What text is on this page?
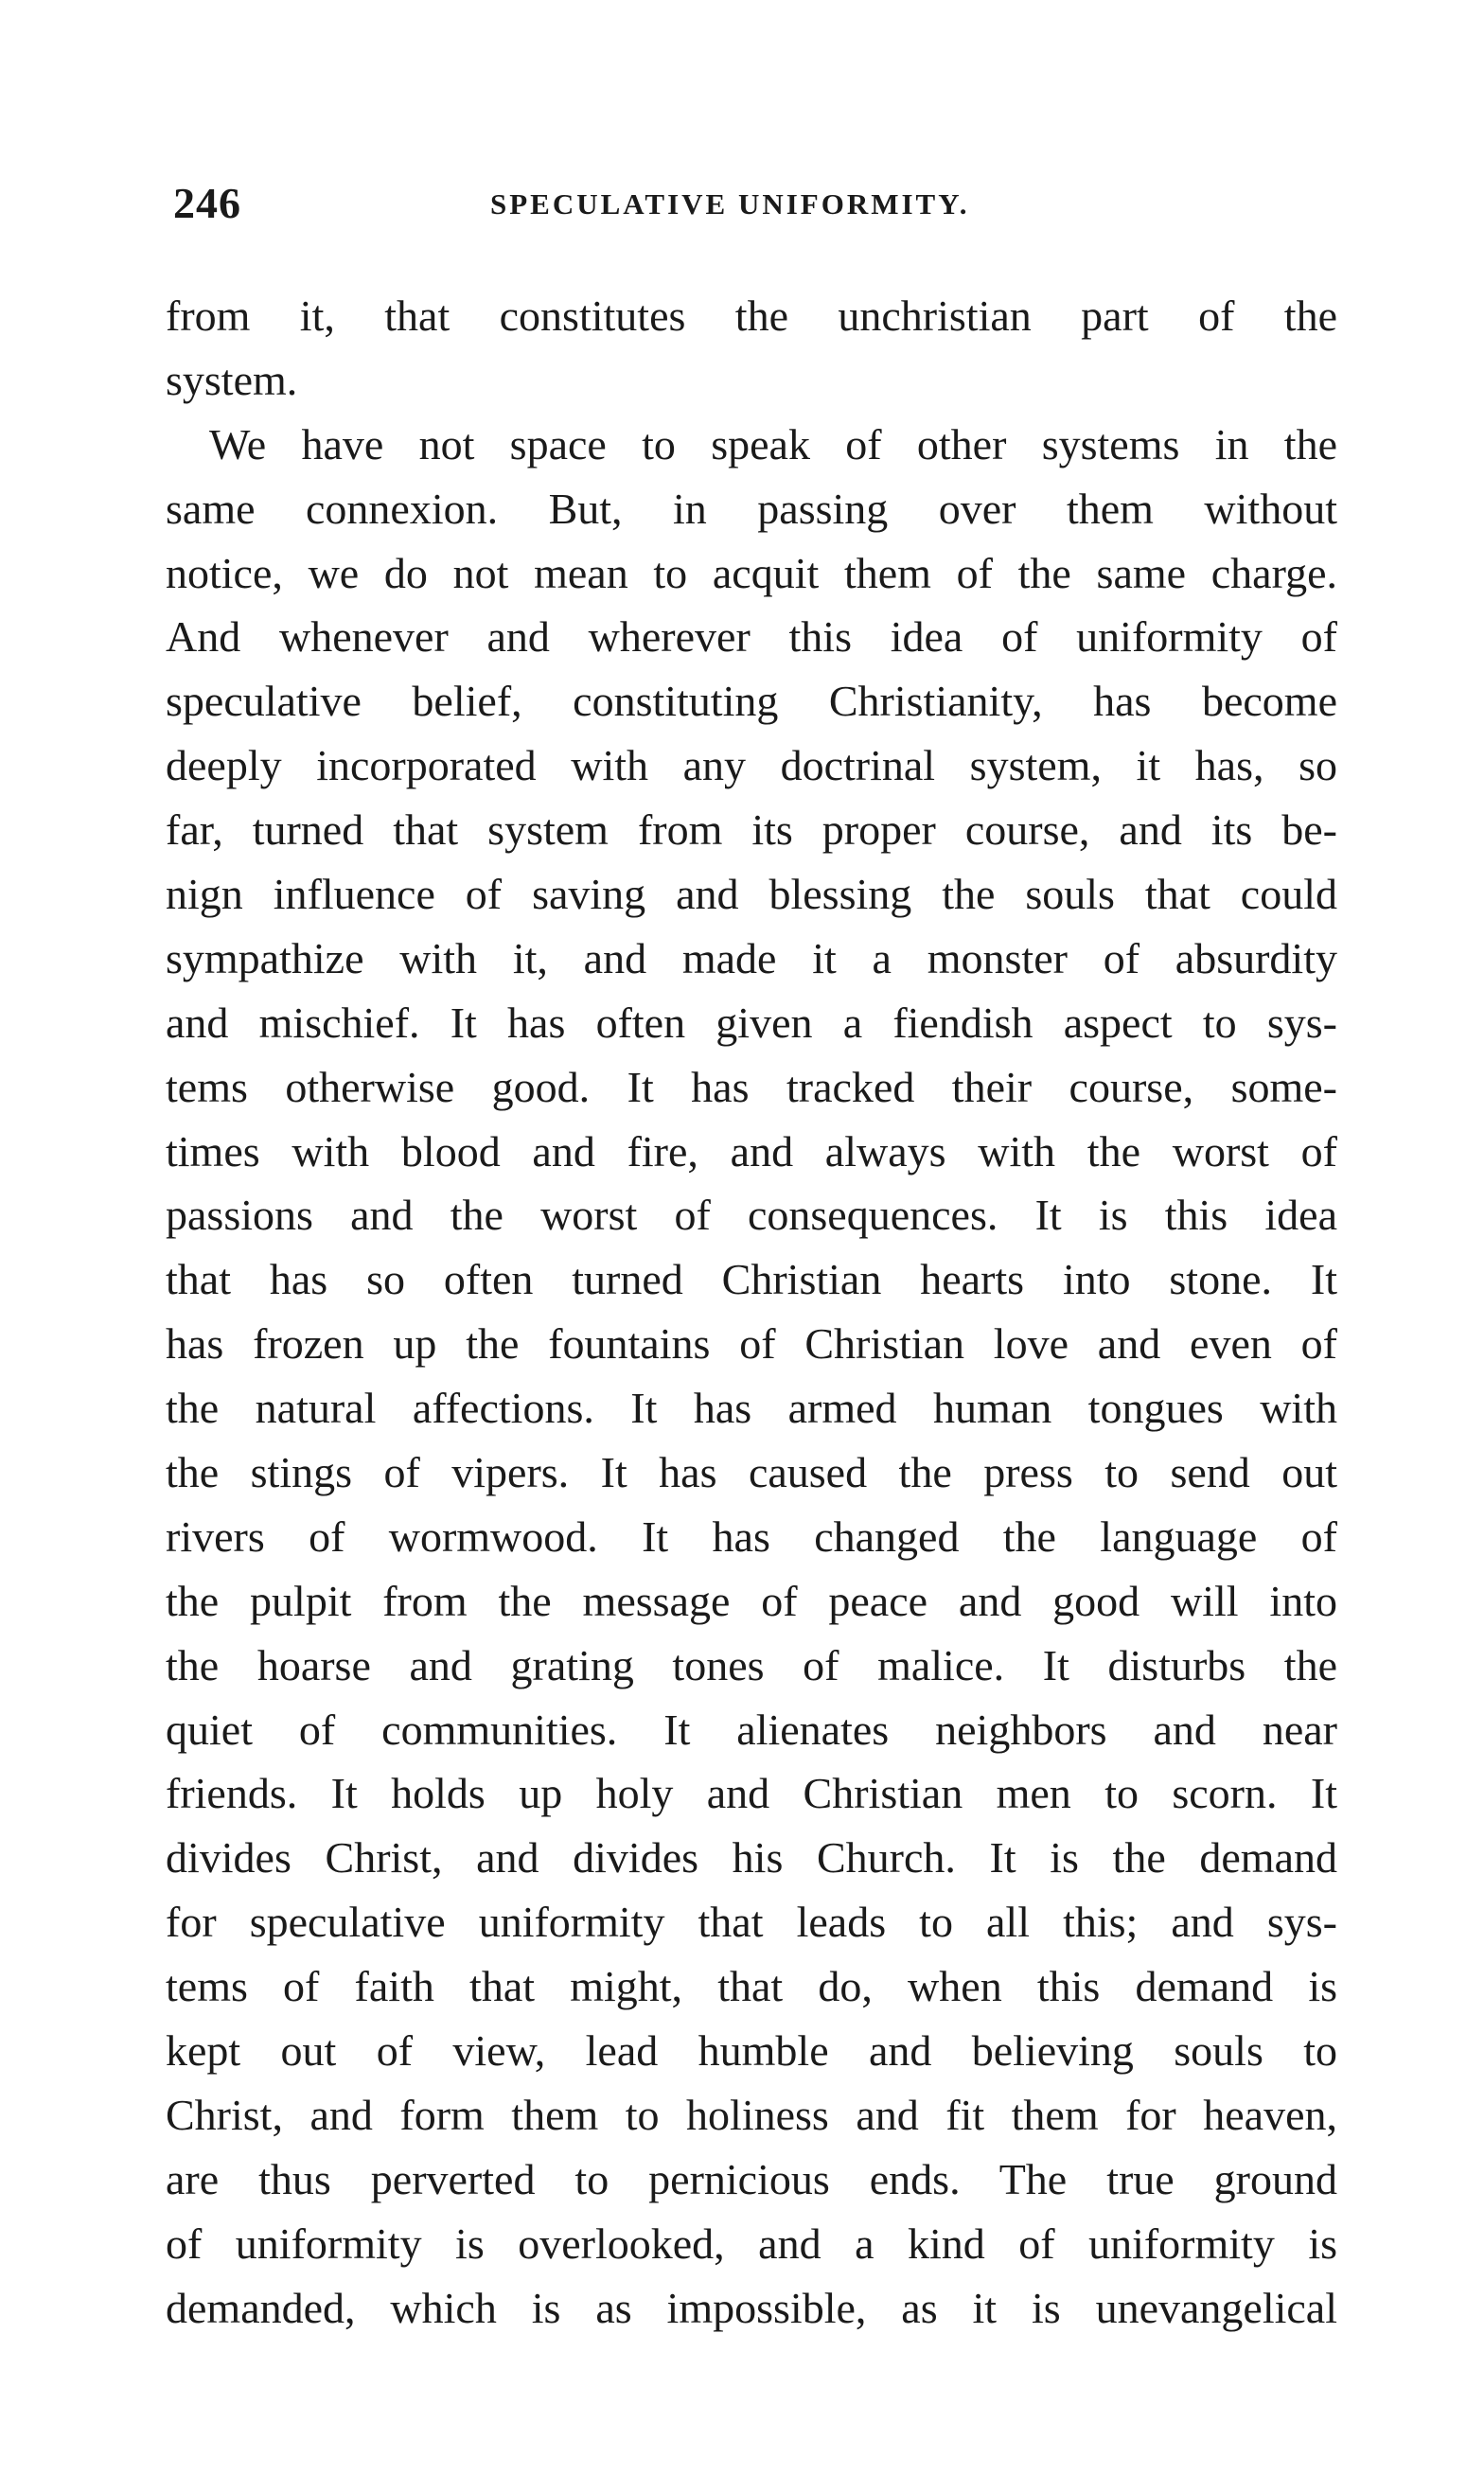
246	SPECULATIVE UNIFORMITY.
from it, that constitutes the unchristian part of the
system.
We have not space to speak of other systems in the
same connexion. But, in passing over them without
notice, we do not mean to acquit them of the same charge.
And whenever and wherever this idea of uniformity of
speculative belief, constituting Christianity, has become
deeply incorporated with any doctrinal system, it has, so
far, turned that system from its proper course, and its be-
nign influence of saving and blessing the souls that could
sympathize with it, and made it a monster of absurdity
and mischief. It has often given a fiendish aspect to sys-
tems otherwise good. It has tracked their course, some-
times with blood and fire, and always with the worst of
passions and the worst of consequences. It is this idea
that has so often turned Christian hearts into stone. It
has frozen up the fountains of Christian love and even of
the natural affections. It has armed human tongues with
the stings of vipers. It has caused the press to send out
rivers of wormwood. It has changed the language of
the pulpit from the message of peace and good will into
the hoarse and grating tones of malice. It disturbs the
quiet of communities. It alienates neighbors and near
friends. It holds up holy and Christian men to scorn. It
divides Christ, and divides his Church. It is the demand
for speculative uniformity that leads to all this; and sys-
tems of faith that might, that do, when this demand is
kept out of view, lead humble and believing souls to
Christ, and form them to holiness and fit them for heaven,
are thus perverted to pernicious ends. The true ground
of uniformity is overlooked, and a kind of uniformity is
demanded, which is as impossible, as it is unevangelical
